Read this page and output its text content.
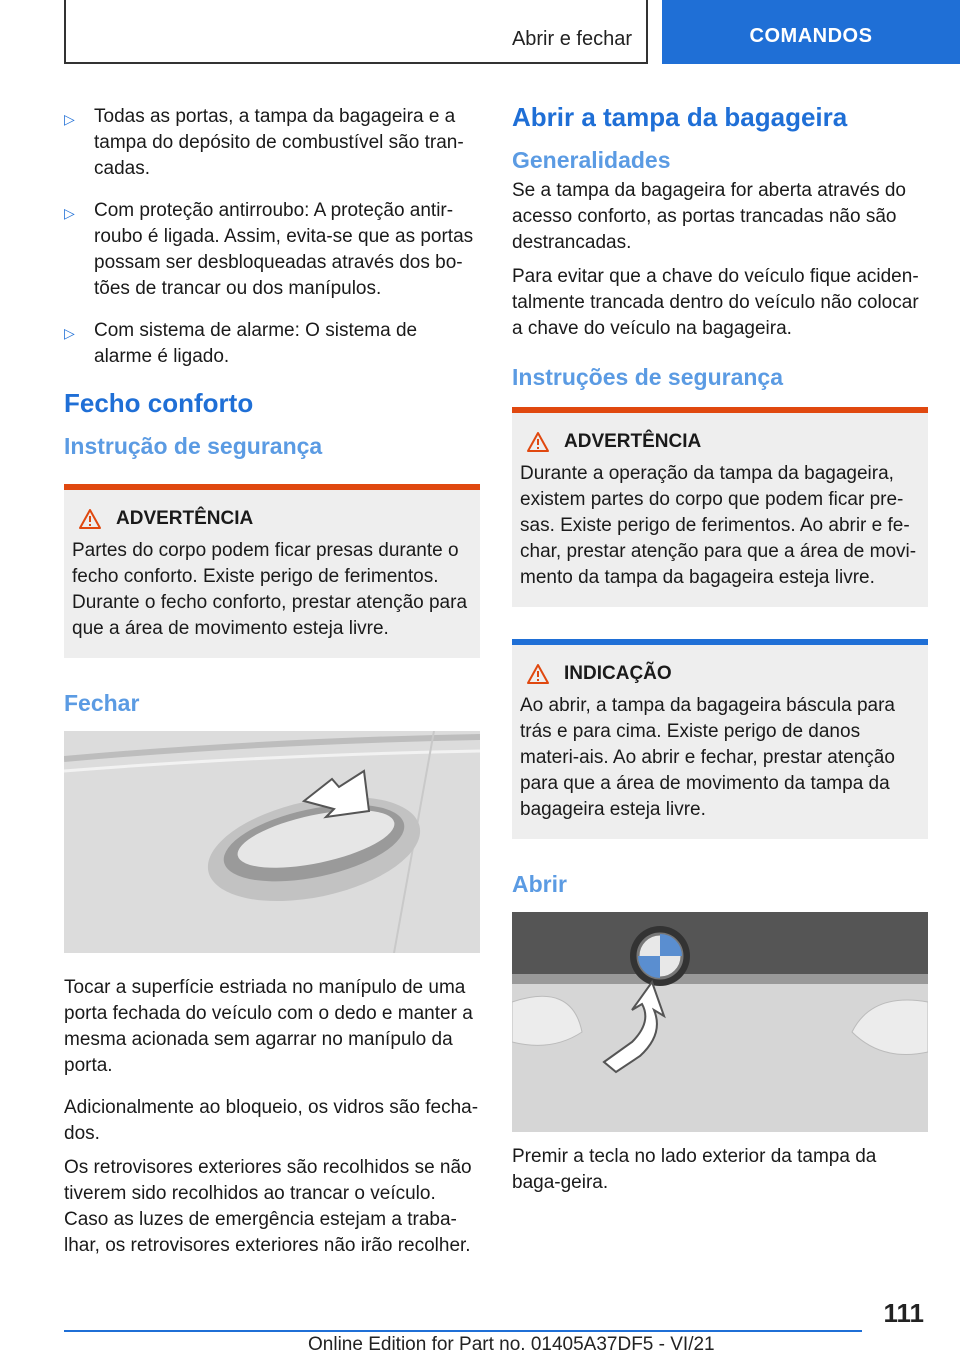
Abrir e fechar	COMANDOS
▷	Todas as portas, a tampa da bagageira e a tampa do depósito de combustível são tran‐cadas.
▷	Com proteção antirroubo: A proteção antir‐roubo é ligada. Assim, evita-se que as portas possam ser desbloqueadas através dos bo‐tões de trancar ou dos manípulos.
▷	Com sistema de alarme: O sistema de alarme é ligado.
Fecho conforto
Instrução de segurança
ADVERTÊNCIA

Partes do corpo podem ficar presas durante o fecho conforto. Existe perigo de ferimentos. Durante o fecho conforto, prestar atenção para que a área de movimento esteja livre.

Fechar

Tocar a superfície estriada no manípulo de uma porta fechada do veículo com o dedo e manter a mesma acionada sem agarrar no manípulo da porta.

Adicionalmente ao bloqueio, os vidros são fecha‐dos.

Os retrovisores exteriores são recolhidos se não tiverem sido recolhidos ao trancar o veículo. Caso as luzes de emergência estejam a traba‐lhar, os retrovisores exteriores não irão recolher.

Abrir a tampa da bagageira
Generalidades

Se a tampa da bagageira for aberta através do acesso conforto, as portas trancadas não são destrancadas.

Para evitar que a chave do veículo fique aciden‐talmente trancada dentro do veículo não colocar a chave do veículo na bagageira.

Instruções de segurança
ADVERTÊNCIA

Durante a operação da tampa da bagageira, existem partes do corpo que podem ficar pre‐sas. Existe perigo de ferimentos. Ao abrir e fe‐char, prestar atenção para que a área de movi‐mento da tampa da bagageira esteja livre.

INDICAÇÃO

Ao abrir, a tampa da bagageira báscula para trás e para cima. Existe perigo de danos materi‐ais. Ao abrir e fechar, prestar atenção para que a área de movimento da tampa da bagageira esteja livre.

Abrir

Premir a tecla no lado exterior da tampa da baga‐geira.

111
Online Edition for Part no. 01405A37DF5 - VI/21
